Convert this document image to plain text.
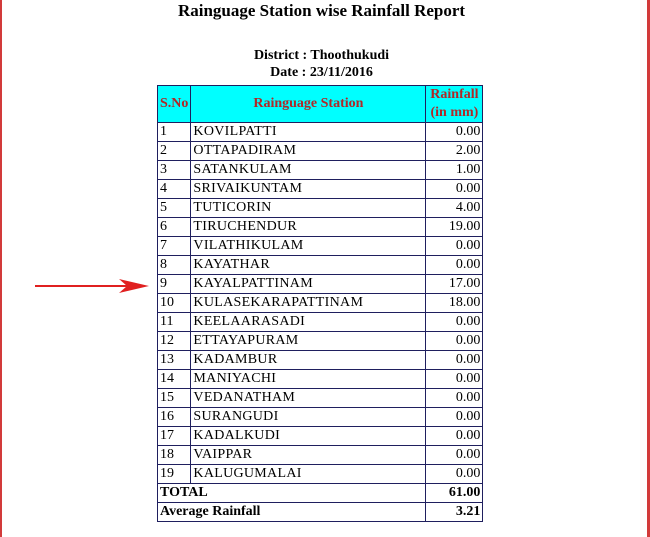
Rainguage Station wise Rainfall Report
District : Thoothukudi
Date : 23/11/2016
S.No	Rainguage Station	Rainfall
(in mm)
1	KOVILPATTI	0.00
2	OTTAPADIRAM	2.00
3	SATANKULAM	1.00
4	SRIVAIKUNTAM	0.00
5	TUTICORIN	4.00
6	TIRUCHENDUR	19.00
7	VILATHIKULAM	0.00
8	KAYATHAR	0.00
9	KAYALPATTINAM	17.00
10	KULASEKARAPATTINAM	18.00
11	KEELAARASADI	0.00
12	ETTAYAPURAM	0.00
13	KADAMBUR	0.00
14	MANIYACHI	0.00
15	VEDANATHAM	0.00
16	SURANGUDI	0.00
17	KADALKUDI	0.00
18	VAIPPAR	0.00
19	KALUGUMALAI	0.00
TOTAL		61.00
Average Rainfall		3.21
